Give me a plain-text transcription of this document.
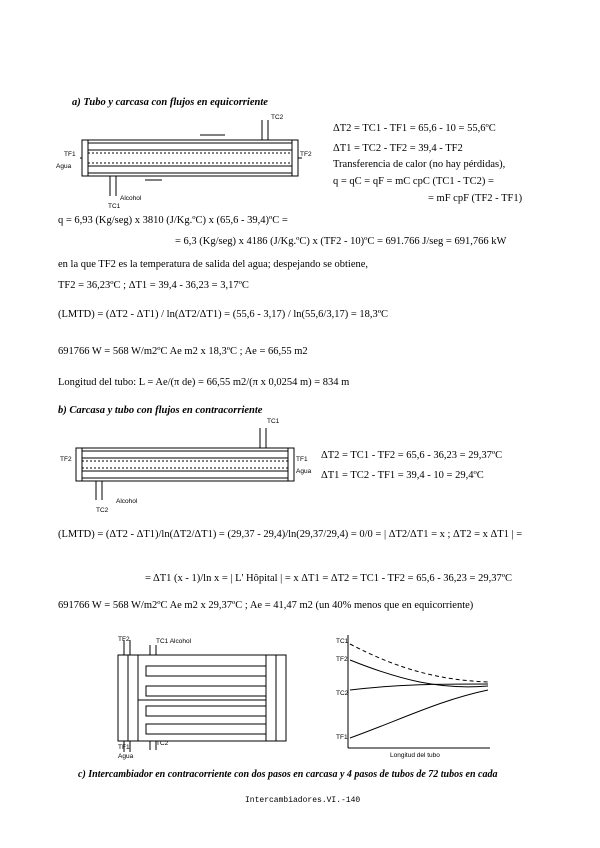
a) Tubo y carcasa con flujos en equicorriente
TC2
TF1
Agua
TF2
Alcohol
TC1
ΔT2 = TC1 - TF1 = 65,6 - 10 = 55,6ºC
ΔT1 = TC2 - TF2 = 39,4 - TF2
Transferencia de calor (no hay pérdidas),
q = qC = qF = mC cpC (TC1 - TC2) =
= mF cpF (TF2 - TF1)
q = 6,93 (Kg/seg) x 3810 (J/Kg.ºC) x (65,6 - 39,4)ºC =
= 6,3 (Kg/seg) x 4186 (J/Kg.ºC) x (TF2 - 10)ºC = 691.766 J/seg = 691,766 kW
en la que TF2 es la temperatura de salida del agua; despejando se obtiene,
TF2 = 36,23ºC ; ΔT1 = 39,4 - 36,23 = 3,17ºC
(LMTD) = (ΔT2 - ΔT1) / ln(ΔT2/ΔT1) = (55,6 - 3,17) / ln(55,6/3,17) = 18,3ºC
691766 W = 568 W/m2ºC Ae m2 x 18,3ºC ; Ae = 66,55 m2
Longitud del tubo: L = Ae/(π de) = 66,55 m2/(π x 0,0254 m) = 834 m
b) Carcasa y tubo con flujos en contracorriente
TC1
TF2	TF1
Agua
Alcohol
TC2
ΔT2 = TC1 - TF2 = 65,6 - 36,23 = 29,37ºC
ΔT1 = TC2 - TF1 = 39,4 - 10 = 29,4ºC
(LMTD) = (ΔT2 - ΔT1)/ln(ΔT2/ΔT1) = (29,37 - 29,4)/ln(29,37/29,4) = 0/0 = | ΔT2/ΔT1 = x ; ΔT2 = x ΔT1 | =
= ΔT1 (x - 1)/ln x = | L' Hôpital | = x ΔT1 = ΔT2 = TC1 - TF2 = 65,6 - 36,23 = 29,37ºC
691766 W = 568 W/m2ºC Ae m2 x 29,37ºC ; Ae = 41,47 m2 (un 40% menos que en equicorriente)
TF2	TC1 Alcohol
TF1
TC2
Agua
TC1
TF2
TC2
TF1
Longitud del tubo
c) Intercambiador en contracorriente con dos pasos en carcasa y 4 pasos de tubos de 72 tubos en cada
Intercambiadores.VI.-140
